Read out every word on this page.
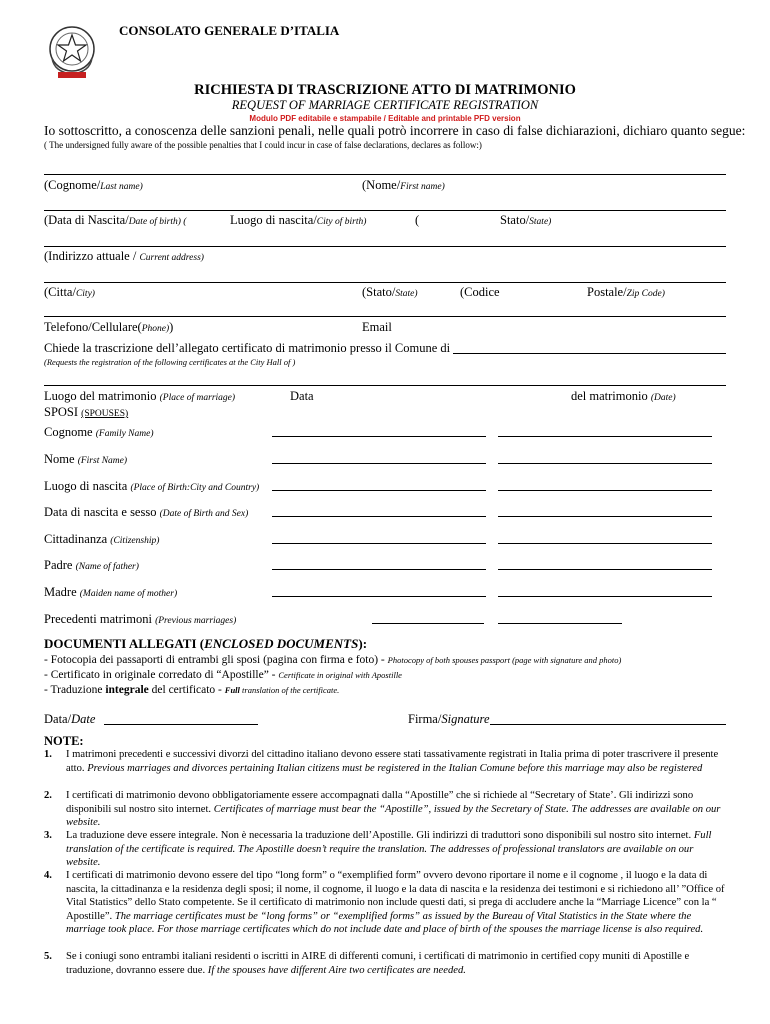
CONSOLATO GENERALE D’ITALIA
RICHIESTA DI TRASCRIZIONE ATTO DI MATRIMONIO
REQUEST OF MARRIAGE CERTIFICATE REGISTRATION
Modulo PDF editabile e stampabile / Editable and printable PFD version
Io sottoscritto, a conoscenza delle sanzioni penali, nelle quali potrò incorrere in caso di false dichiarazioni, dichiaro quanto segue:
( The undersigned fully aware of the possible penalties that I could incur in case of false declarations, declares as follow:)
(Cognome/Last name)	(Nome/First name)
(Data di Nascita/Date of birth) (	Luogo di nascita/City of birth)	(	Stato/State)
(Indirizzo attuale / Current address)
(Citta/City)	(Stato/State)	(Codice	Postale/Zip Code)
Telefono/Cellulare(Phone))	Email
Chiede la trascrizione dell’allegato certificato di matrimonio presso il Comune di
(Requests the registration of the following certificates at the City Hall of )
Luogo del matrimonio (Place of marriage)	Data	del matrimonio (Date)
SPOSI (SPOUSES)
Cognome (Family Name)
Nome (First Name)
Luogo di nascita (Place of Birth:City and Country)
Data di nascita e sesso (Date of Birth and Sex)
Cittadinanza (Citizenship)
Padre (Name of father)
Madre (Maiden name of mother)
Precedenti matrimoni (Previous marriages)
DOCUMENTI ALLEGATI (ENCLOSED DOCUMENTS):
- Fotocopia dei passaporti di entrambi gli sposi (pagina con firma e foto) - Photocopy of both spouses passport (page with signature and photo)
- Certificato in originale corredato di “Apostille” - Certificate in original with Apostille
- Traduzione integrale del certificato - Full translation of the certificate.
Data/Date	Firma/Signature
NOTE:
1. I matrimoni precedenti e successivi divorzi del cittadino italiano devono essere stati tassativamente registrati in Italia prima di poter trascrivere il presente atto. Previous marriages and divorces pertaining Italian citizens must be registered in the Italian Comune before this marriage may also be registered
2. I certificati di matrimonio devono obbligatoriamente essere accompagnati dalla “Apostille” che si richiede al “Secretary of State’. Gli indirizzi sono disponibili sul nostro sito internet. Certificates of marriage must bear the “Apostille”, issued by the Secretary of State. The addresses are available on our website.
3. La traduzione deve essere integrale. Non è necessaria la traduzione dell’Apostille. Gli indirizzi di traduttori sono disponibili sul nostro sito internet. Full translation of the certificate is required. The Apostille doesn’t require the translation. The addresses of professional translators are available on our website.
4. I certificati di matrimonio devono essere del tipo “long form” o “exemplified form” ovvero devono riportare il nome e il cognome , il luogo e la data di nascita, la cittadinanza e la residenza degli sposi; il nome, il cognome, il luogo e la data di nascita e la residenza dei testimoni e si richiedono all’ ”Office of Vital Statistics” dello Stato competente. Se il certificato di matrimonio non include questi dati, si prega di accludere anche la “Marriage Licence” con la “ Apostille”. The marriage certificates must be “long forms” or “exemplified forms” as issued by the Bureau of Vital Statistics in the State where the marriage took place. For those marriage certificates which do not include date and place of birth of the spouses the marriage license is also required.
5. Se i coniugi sono entrambi italiani residenti o iscritti in AIRE di differenti comuni, i certificati di matrimonio in certified copy muniti di Apostille e traduzione, dovranno essere due. If the spouses have different Aire two certificates are needed.
